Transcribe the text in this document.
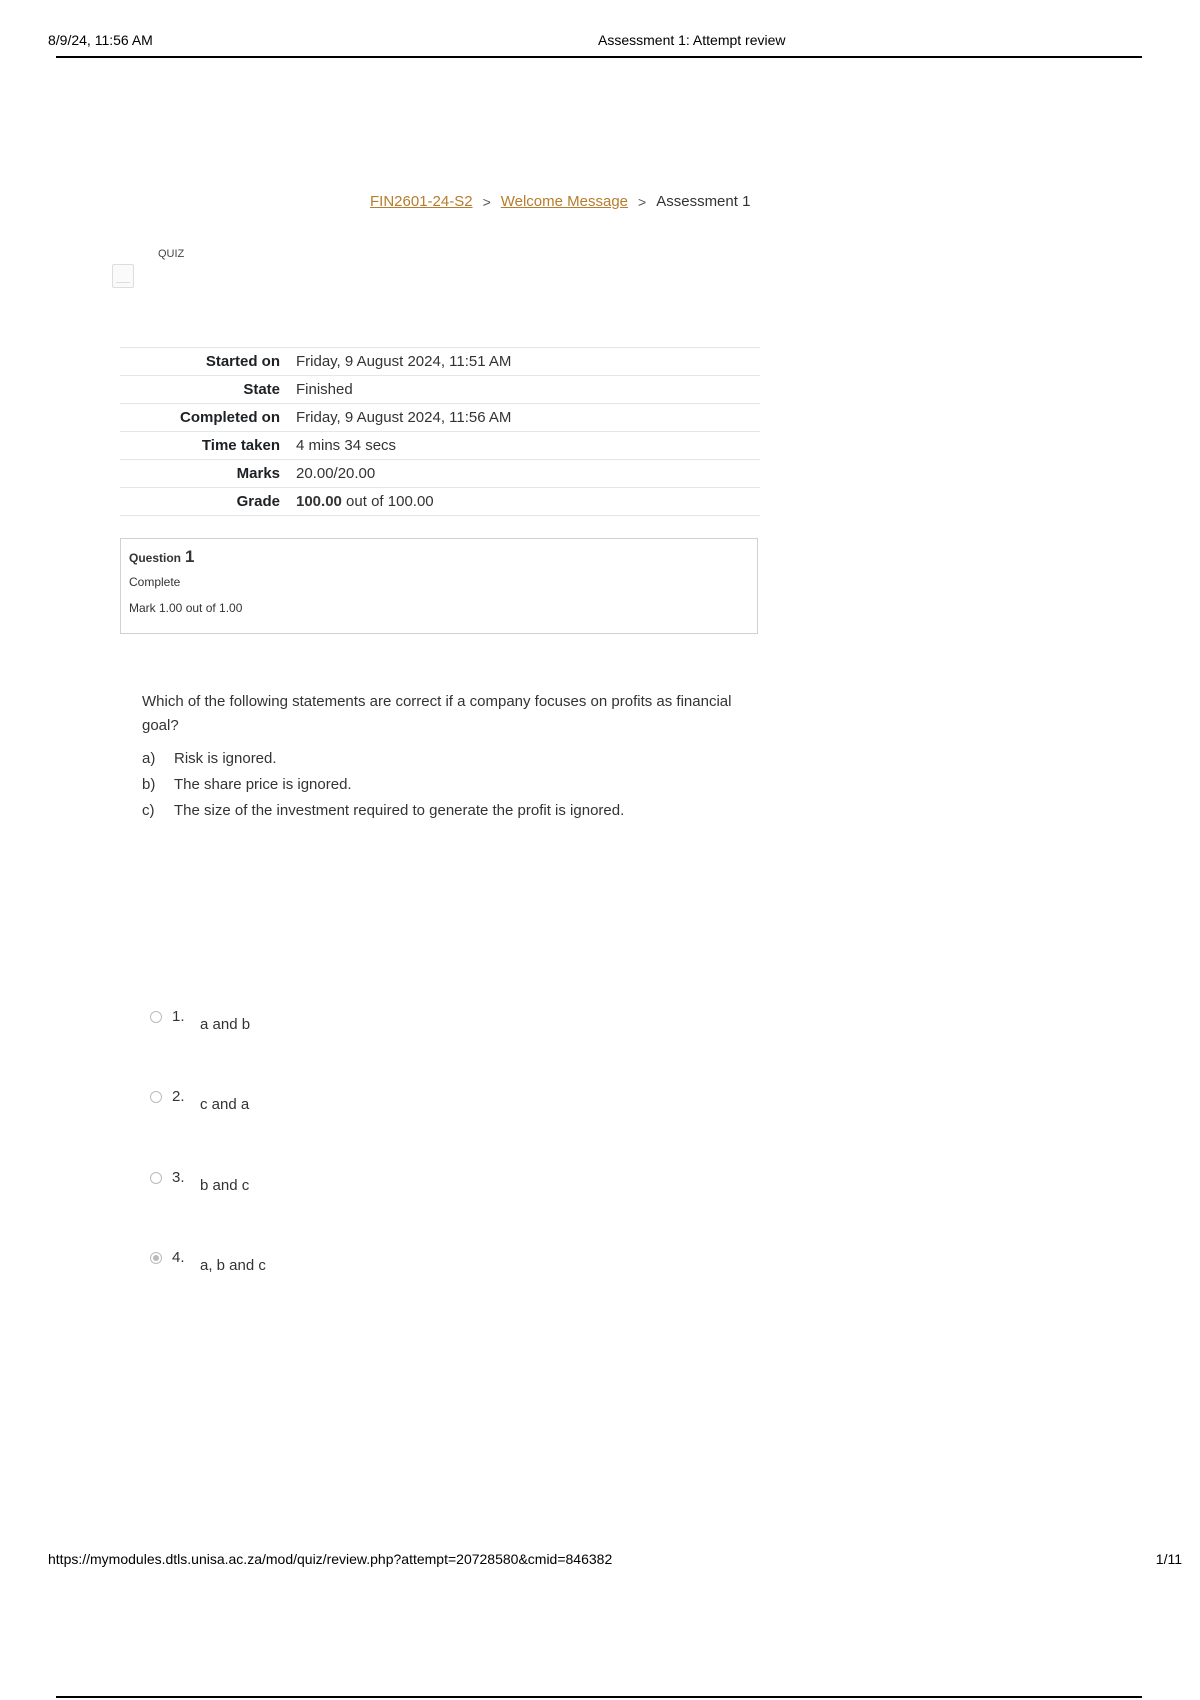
8/9/24, 11:56 AM	Assessment 1: Attempt review
FIN2601-24-S2 > Welcome Message > Assessment 1
QUIZ
Started on	Friday, 9 August 2024, 11:51 AM
State	Finished
Completed on	Friday, 9 August 2024, 11:56 AM
Time taken	4 mins 34 secs
Marks	20.00/20.00
Grade	100.00 out of 100.00
Question 1
Complete
Mark 1.00 out of 1.00
Which of the following statements are correct if a company focuses on profits as financial goal?
a)	Risk is ignored.
b)	The share price is ignored.
c)	The size of the investment required to generate the profit is ignored.
1.	a and b
2.	c and a
3.	b and c
4.	a, b and c
https://mymodules.dtls.unisa.ac.za/mod/quiz/review.php?attempt=20728580&cmid=846382	1/11
